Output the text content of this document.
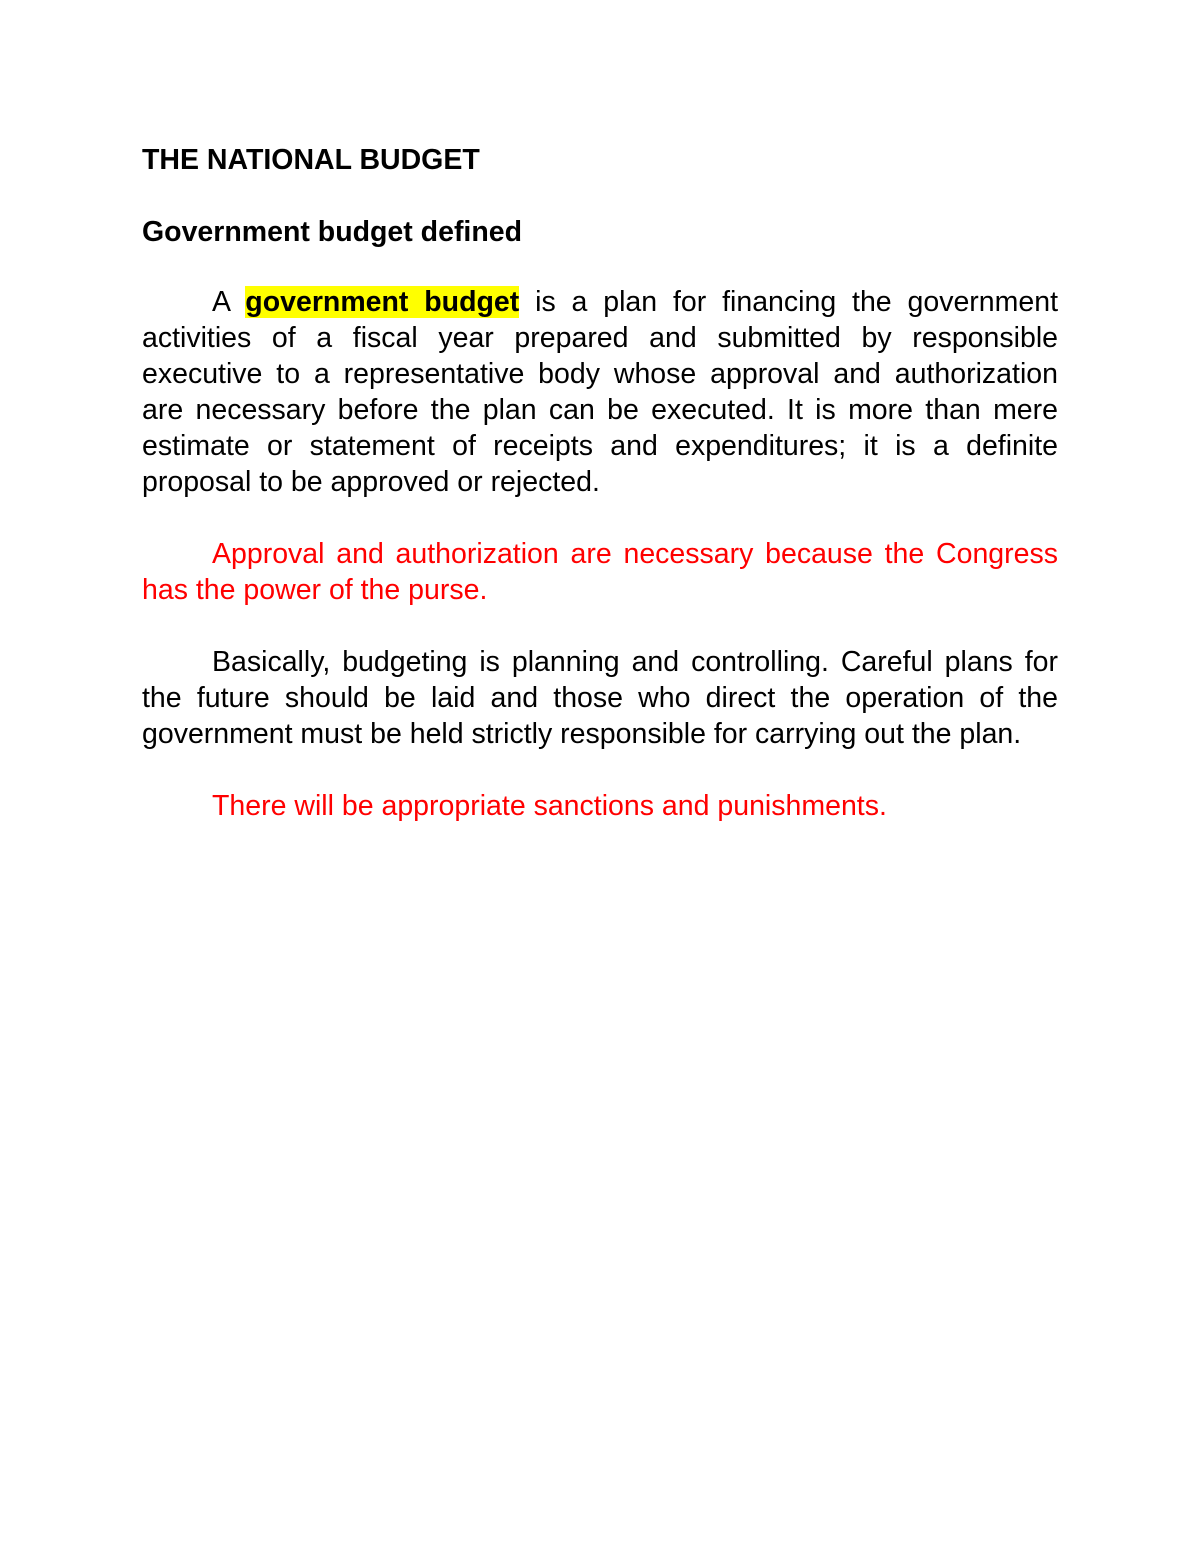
THE NATIONAL BUDGET
Government budget defined

A government budget is a plan for financing the government activities of a fiscal year prepared and submitted by responsible executive to a representative body whose approval and authorization are necessary before the plan can be executed. It is more than mere estimate or statement of receipts and expenditures; it is a definite proposal to be approved or rejected.

Approval and authorization are necessary because the Congress has the power of the purse.

Basically, budgeting is planning and controlling. Careful plans for the future should be laid and those who direct the operation of the government must be held strictly responsible for carrying out the plan.

There will be appropriate sanctions and punishments.
